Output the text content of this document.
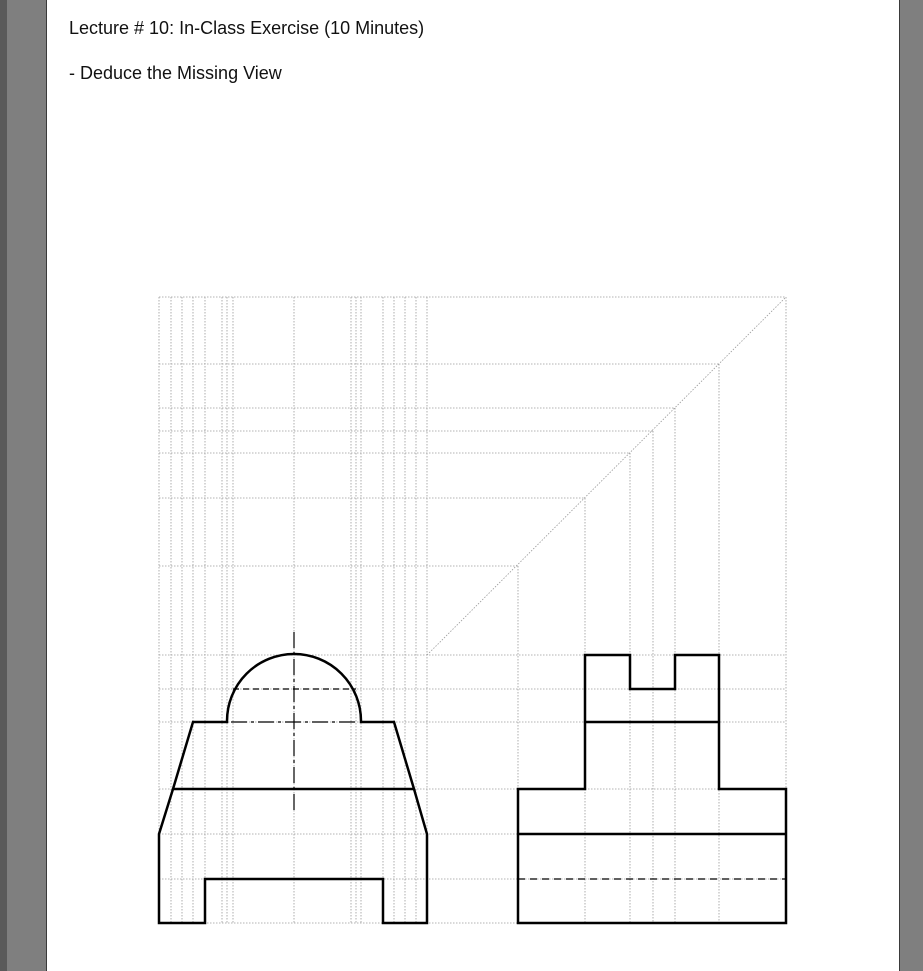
Lecture # 10: In-Class Exercise (10 Minutes)
- Deduce the Missing View
